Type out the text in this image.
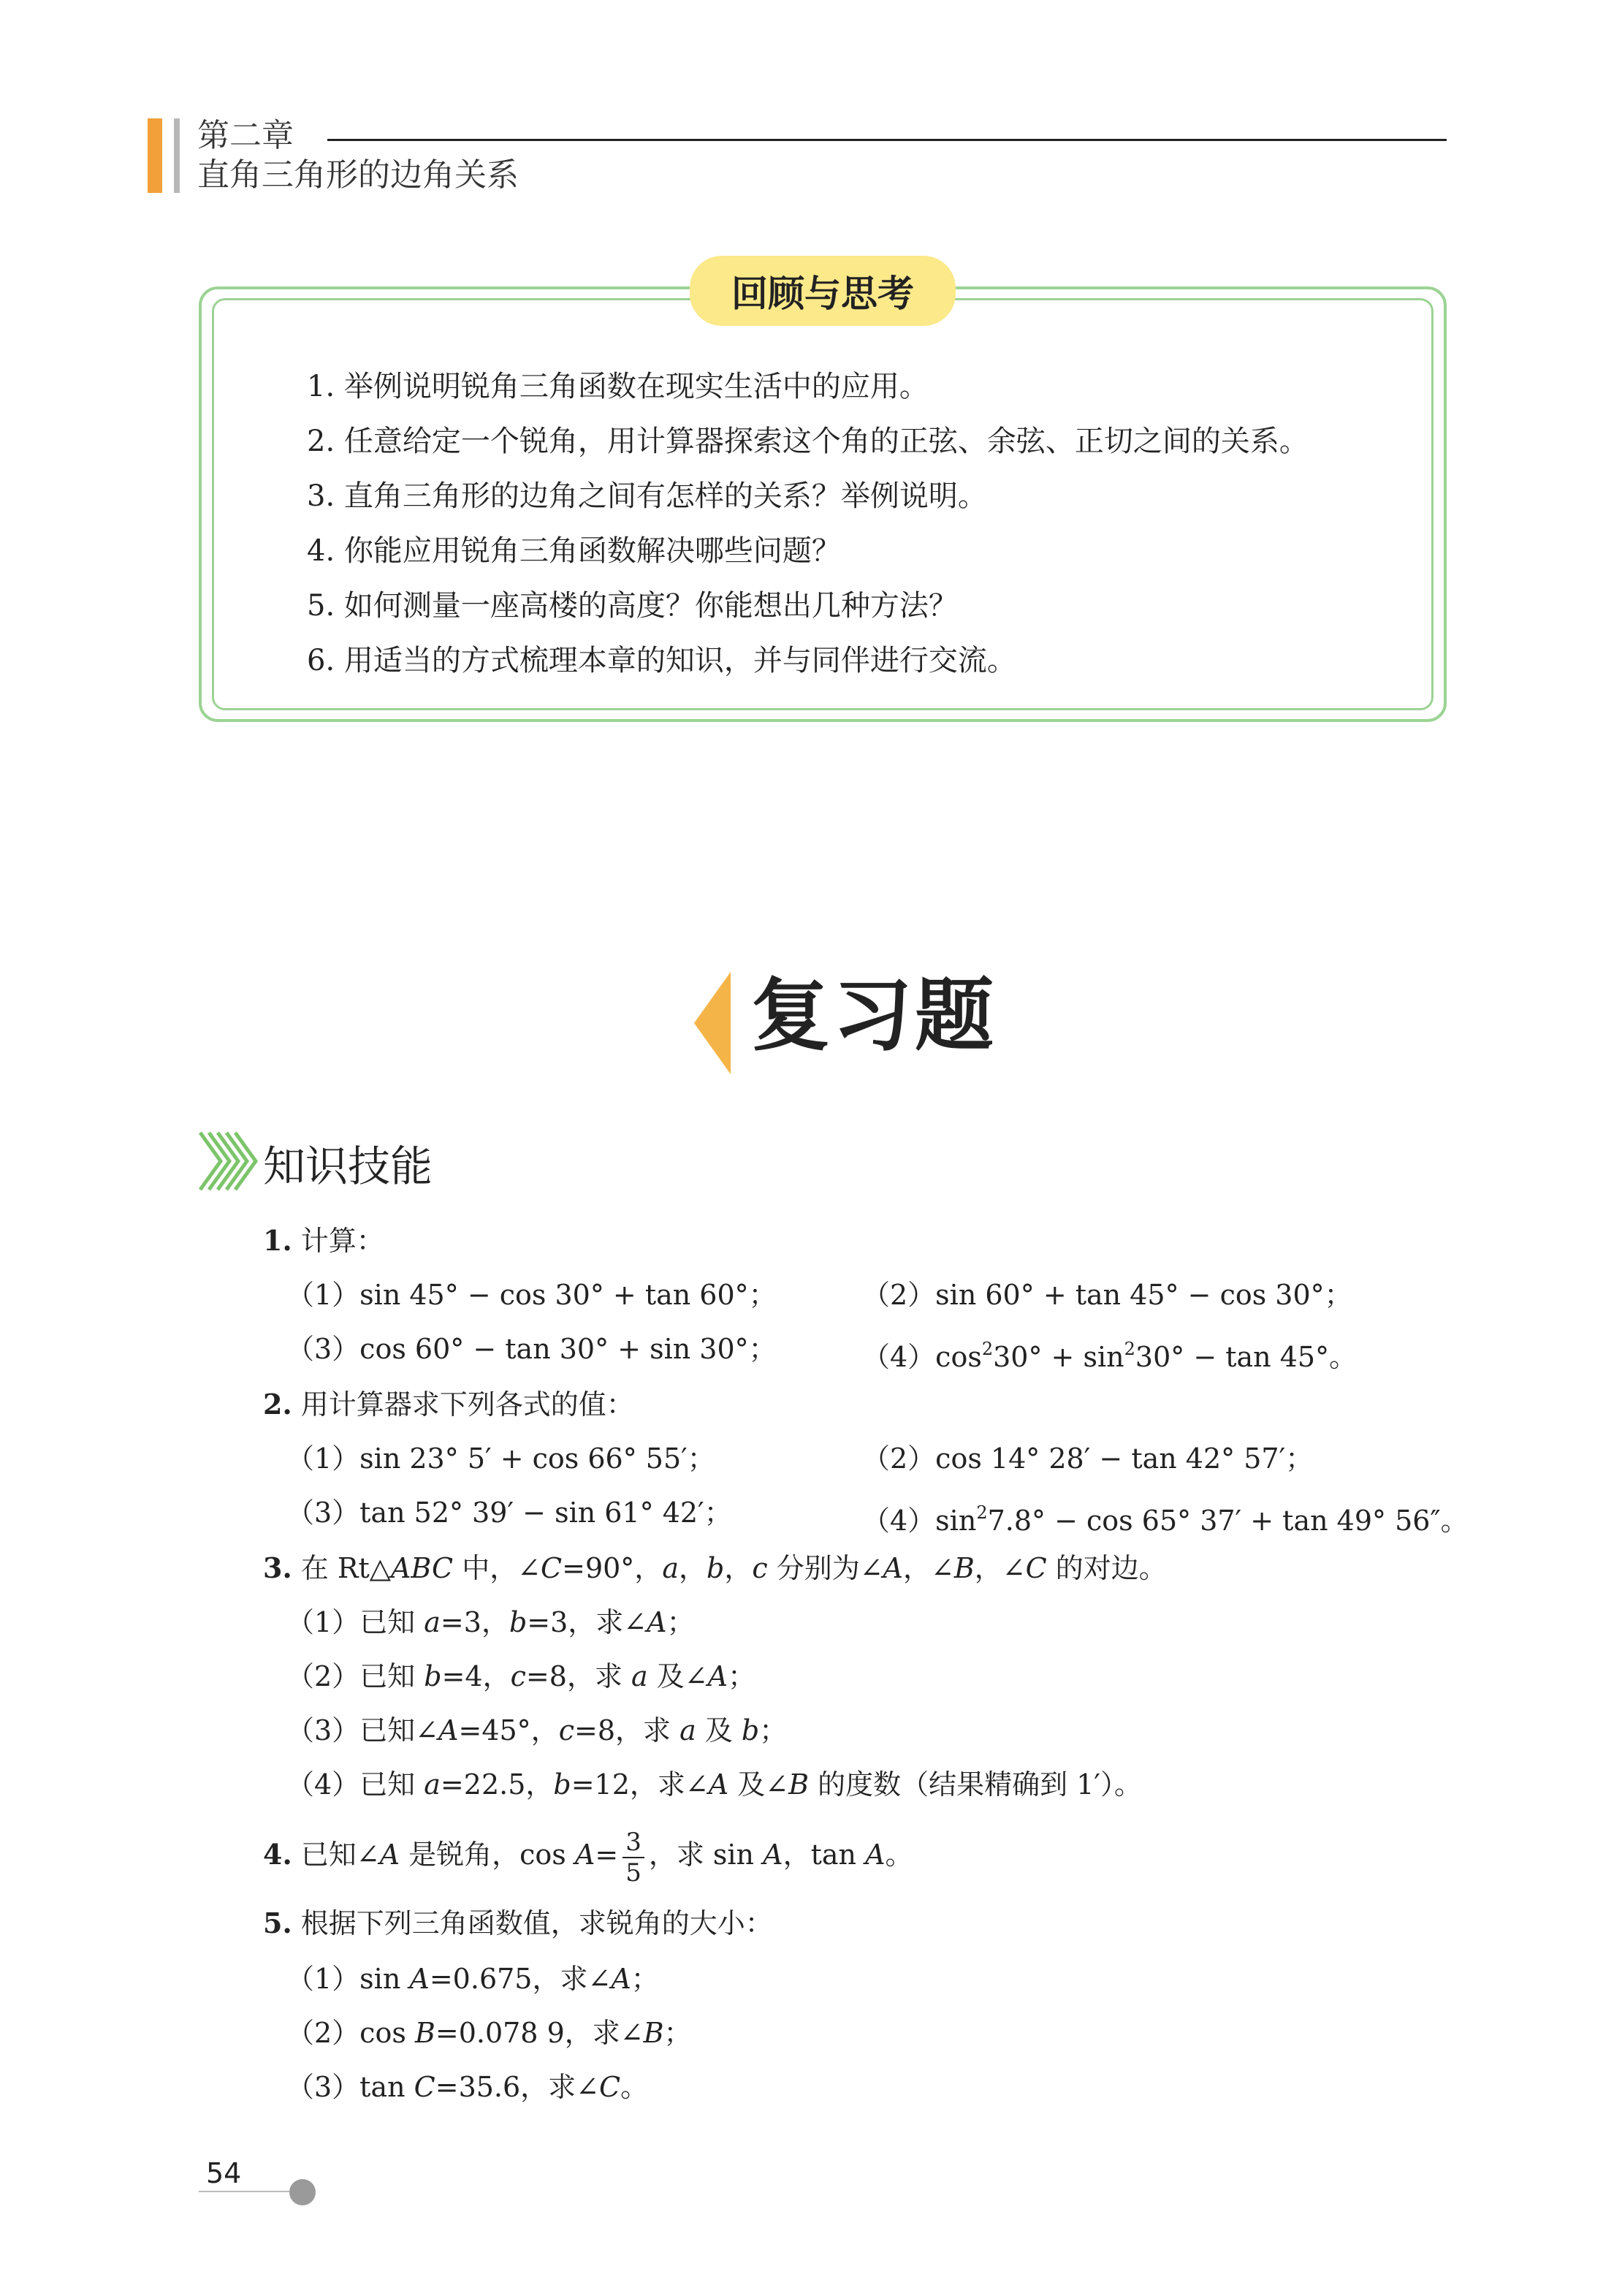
第二章
直角三角形的边角关系
回顾与思考
1. 举例说明锐角三角函数在现实生活中的应用。
2. 任意给定一个锐角，用计算器探索这个角的正弦、余弦、正切之间的关系。
3. 直角三角形的边角之间有怎样的关系？举例说明。
4. 你能应用锐角三角函数解决哪些问题？
5. 如何测量一座高楼的高度？你能想出几种方法？
6. 用适当的方式梳理本章的知识，并与同伴进行交流。
复习题
知识技能
1. 计算：
（1）sin 45° − cos 30° + tan 60°；	（2）sin 60° + tan 45° − cos 30°；
（3）cos 60° − tan 30° + sin 30°；	$(4)\cos^230^\circ + \sin^230^\circ - \tan 45^\circ$。
2. 用计算器求下列各式的值：
（1）sin 23° 5′ + cos 66° 55′；	（2）cos 14° 28′ − tan 42° 57′；
（3）tan 52° 39′ − sin 61° 42′；	$(4)\sin^27.8^\circ - \cos 65^\circ$ 37′ + tan 49° 56″。
3. 在 Rt△ABC 中，∠C=90°，a，b，c 分别为∠A，∠B，∠C 的对边。
（1）已知 a=3，b=3，求∠A；
（2）已知 b=4，c=8，求 a 及∠A；
（3）已知∠A=45°，c=8，求 a 及 b；
（4）已知 a=22.5，b=12，求∠A 及∠B 的度数（结果精确到 1′）。
4. 已知∠A 是锐角，$\cos A= \frac{3}{5}$ ，求 sin A，tan A。
5. 根据下列三角函数值，求锐角的大小：
（1）sin A=0.675，求∠A；
（2）cos B=0.078 9，求∠B；
（3）tan C=35.6，求∠C。
54
